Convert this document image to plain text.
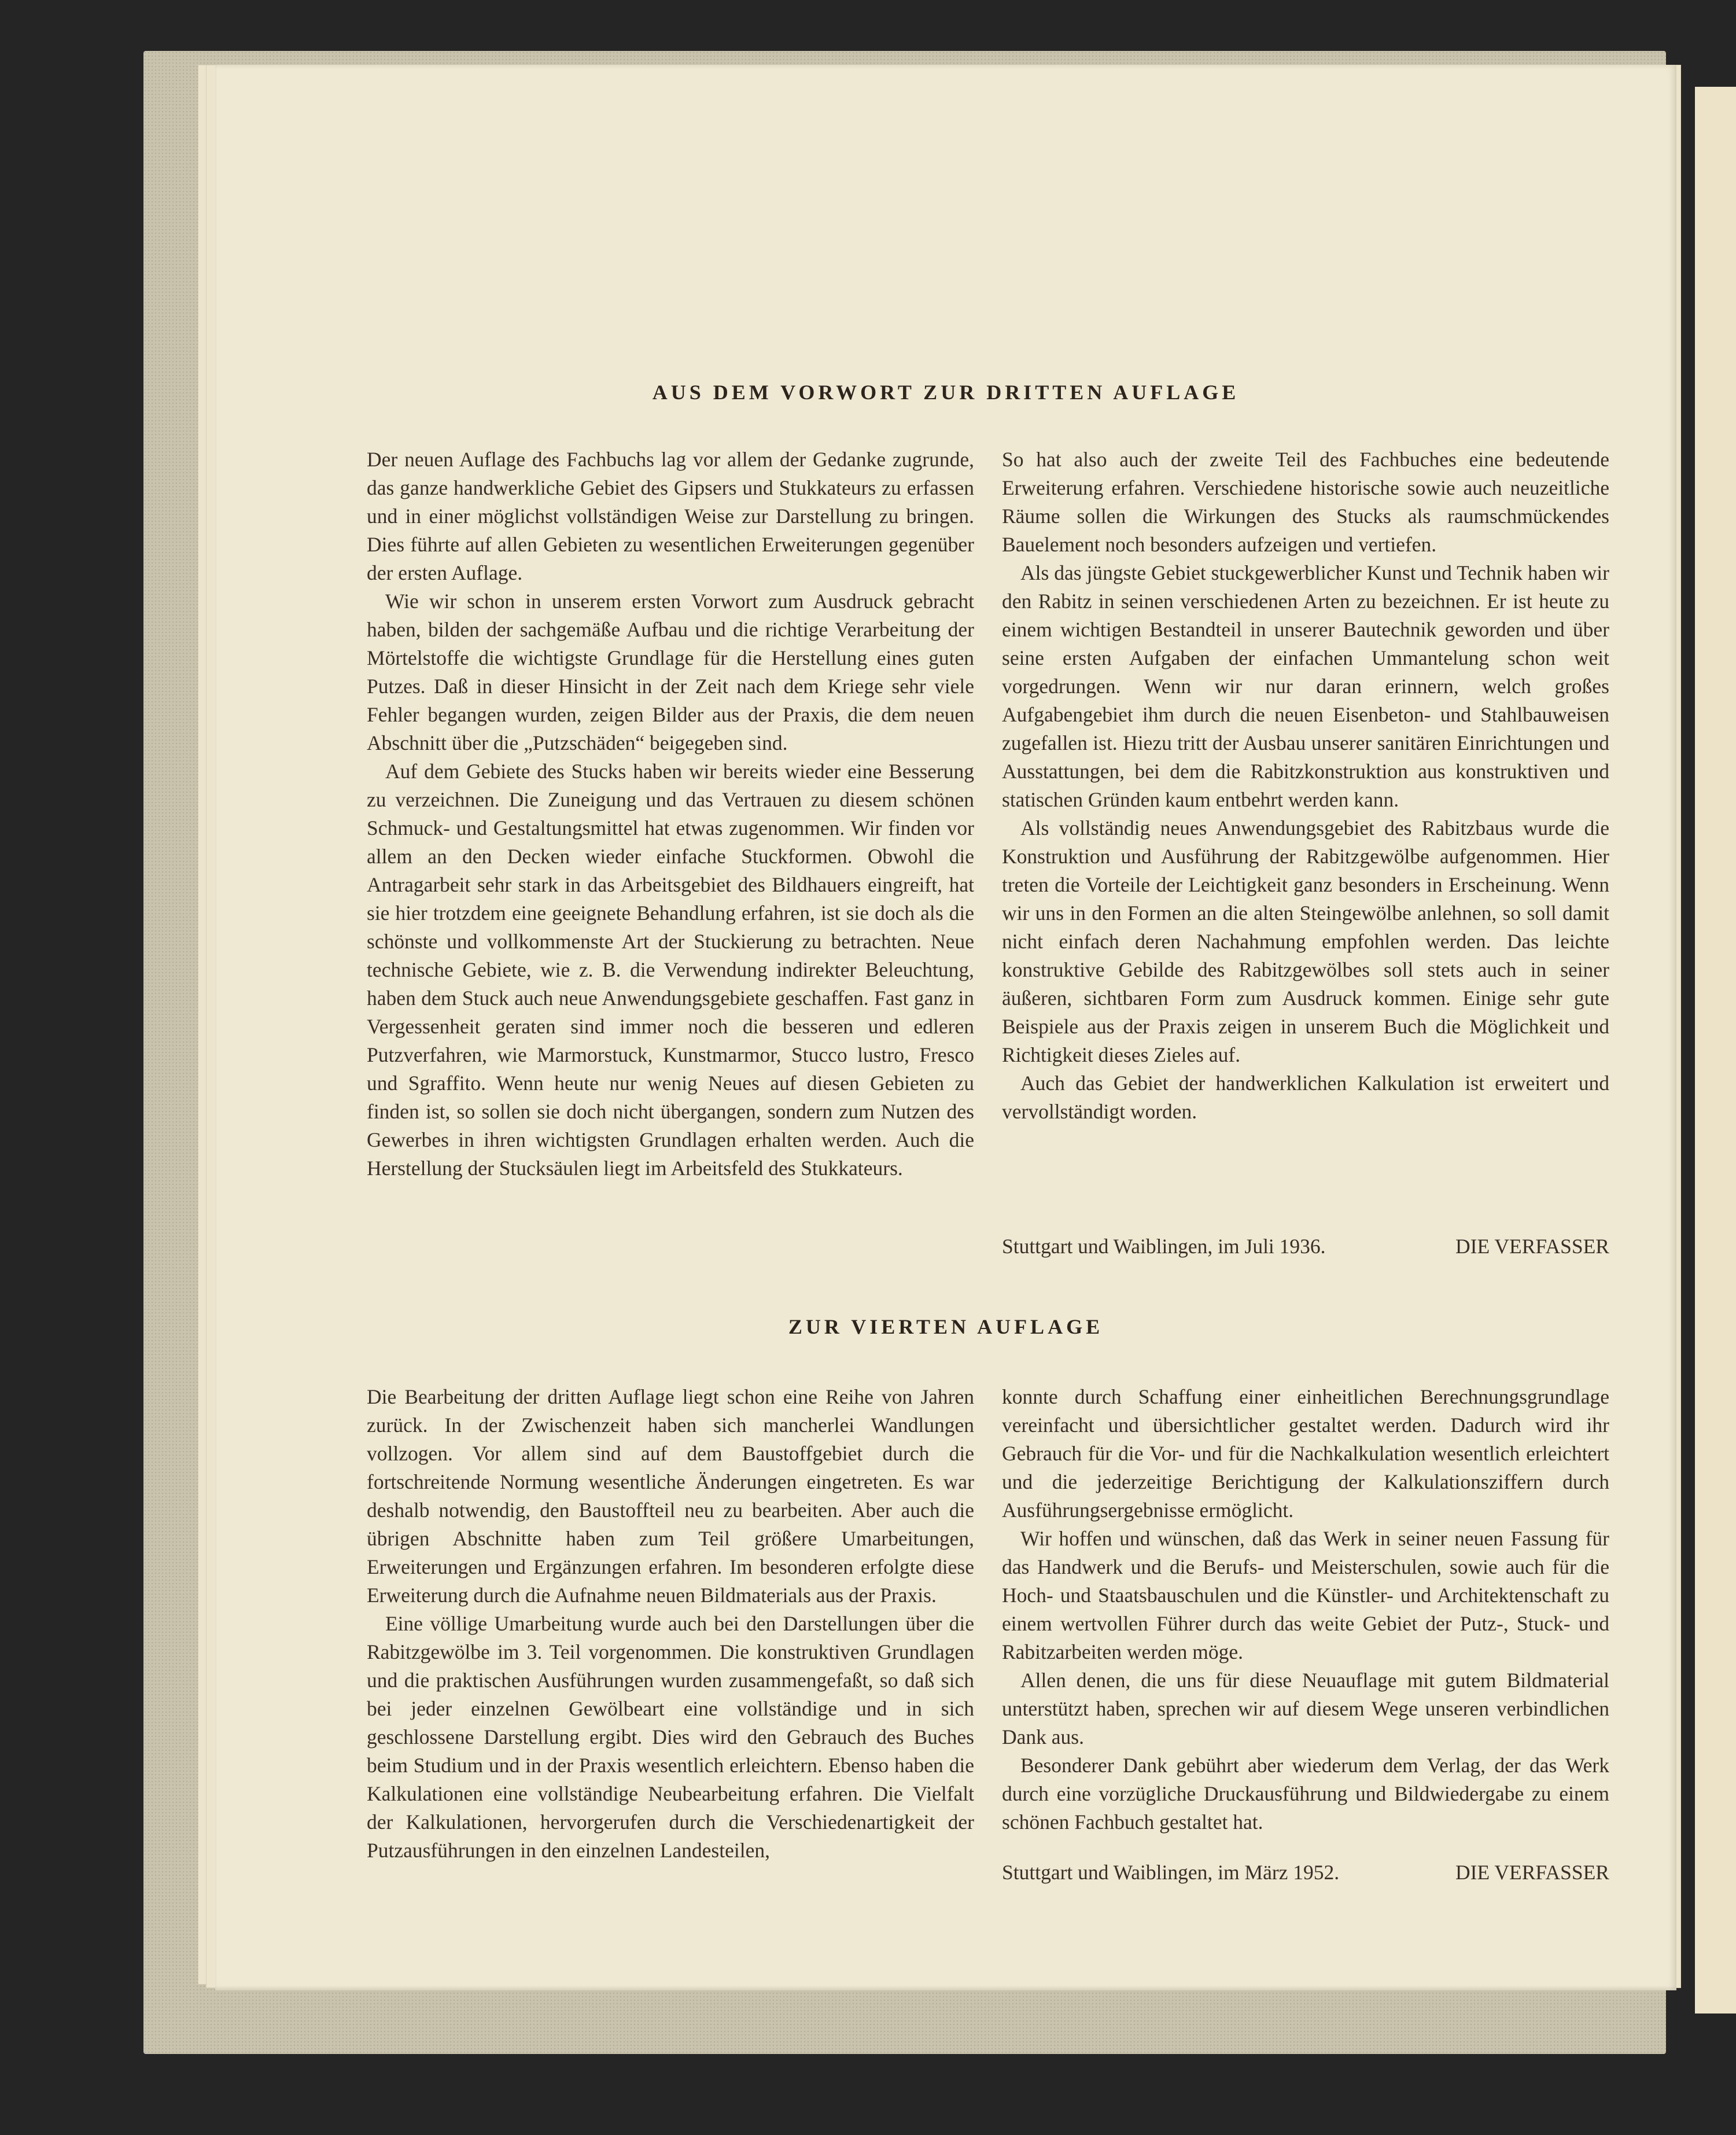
AUS DEM VORWORT ZUR DRITTEN AUFLAGE

Der neuen Auflage des Fachbuchs lag vor allem der Gedanke zugrunde, das ganze handwerkliche Gebiet des Gipsers und Stukkateurs zu erfassen und in einer möglichst vollständigen Weise zur Darstellung zu bringen. Dies führte auf allen Gebieten zu wesentlichen Erweiterungen gegenüber der ersten Auflage.

Wie wir schon in unserem ersten Vorwort zum Ausdruck gebracht haben, bilden der sachgemäße Aufbau und die richtige Verarbeitung der Mörtelstoffe die wichtigste Grundlage für die Herstellung eines guten Putzes. Daß in dieser Hinsicht in der Zeit nach dem Kriege sehr viele Fehler begangen wurden, zeigen Bilder aus der Praxis, die dem neuen Abschnitt über die „Putzschäden“ beigegeben sind.

Auf dem Gebiete des Stucks haben wir bereits wieder eine Besserung zu verzeichnen. Die Zuneigung und das Vertrauen zu diesem schönen Schmuck- und Gestaltungsmittel hat etwas zugenommen. Wir finden vor allem an den Decken wieder einfache Stuckformen. Obwohl die Antragarbeit sehr stark in das Arbeitsgebiet des Bildhauers eingreift, hat sie hier trotzdem eine geeignete Behandlung erfahren, ist sie doch als die schönste und vollkommenste Art der Stuckierung zu betrachten. Neue technische Gebiete, wie z. B. die Verwendung indirekter Beleuchtung, haben dem Stuck auch neue Anwendungsgebiete geschaffen. Fast ganz in Vergessenheit geraten sind immer noch die besseren und edleren Putzverfahren, wie Marmorstuck, Kunstmarmor, Stucco lustro, Fresco und Sgraffito. Wenn heute nur wenig Neues auf diesen Gebieten zu finden ist, so sollen sie doch nicht übergangen, sondern zum Nutzen des Gewerbes in ihren wichtigsten Grundlagen erhalten werden. Auch die Herstellung der Stucksäulen liegt im Arbeitsfeld des Stukkateurs.

So hat also auch der zweite Teil des Fachbuches eine bedeutende Erweiterung erfahren. Verschiedene historische sowie auch neuzeitliche Räume sollen die Wirkungen des Stucks als raumschmückendes Bauelement noch besonders aufzeigen und vertiefen.

Als das jüngste Gebiet stuckgewerblicher Kunst und Technik haben wir den Rabitz in seinen verschiedenen Arten zu bezeichnen. Er ist heute zu einem wichtigen Bestandteil in unserer Bautechnik geworden und über seine ersten Aufgaben der einfachen Ummantelung schon weit vorgedrungen. Wenn wir nur daran erinnern, welch großes Aufgabengebiet ihm durch die neuen Eisenbeton- und Stahlbauweisen zugefallen ist. Hiezu tritt der Ausbau unserer sanitären Einrichtungen und Ausstattungen, bei dem die Rabitzkonstruktion aus konstruktiven und statischen Gründen kaum entbehrt werden kann.

Als vollständig neues Anwendungsgebiet des Rabitzbaus wurde die Konstruktion und Ausführung der Rabitzgewölbe aufgenommen. Hier treten die Vorteile der Leichtigkeit ganz besonders in Erscheinung. Wenn wir uns in den Formen an die alten Steingewölbe anlehnen, so soll damit nicht einfach deren Nachahmung empfohlen werden. Das leichte konstruktive Gebilde des Rabitzgewölbes soll stets auch in seiner äußeren, sichtbaren Form zum Ausdruck kommen. Einige sehr gute Beispiele aus der Praxis zeigen in unserem Buch die Möglichkeit und Richtigkeit dieses Zieles auf.

Auch das Gebiet der handwerklichen Kalkulation ist erweitert und vervollständigt worden.

Stuttgart und Waiblingen, im Juli 1936.	DIE VERFASSER
ZUR VIERTEN AUFLAGE

Die Bearbeitung der dritten Auflage liegt schon eine Reihe von Jahren zurück. In der Zwischenzeit haben sich mancherlei Wandlungen vollzogen. Vor allem sind auf dem Baustoffgebiet durch die fortschreitende Normung wesentliche Änderungen eingetreten. Es war deshalb notwendig, den Baustoffteil neu zu bearbeiten. Aber auch die übrigen Abschnitte haben zum Teil größere Umarbeitungen, Erweiterungen und Ergänzungen erfahren. Im besonderen erfolgte diese Erweiterung durch die Aufnahme neuen Bildmaterials aus der Praxis.

Eine völlige Umarbeitung wurde auch bei den Darstellungen über die Rabitzgewölbe im 3. Teil vorgenommen. Die konstruktiven Grundlagen und die praktischen Ausführungen wurden zusammengefaßt, so daß sich bei jeder einzelnen Gewölbeart eine vollständige und in sich geschlossene Darstellung ergibt. Dies wird den Gebrauch des Buches beim Studium und in der Praxis wesentlich erleichtern. Ebenso haben die Kalkulationen eine vollständige Neubearbeitung erfahren. Die Vielfalt der Kalkulationen, hervorgerufen durch die Verschiedenartigkeit der Putzausführungen in den einzelnen Landesteilen,

konnte durch Schaffung einer einheitlichen Berechnungsgrundlage vereinfacht und übersichtlicher gestaltet werden. Dadurch wird ihr Gebrauch für die Vor- und für die Nachkalkulation wesentlich erleichtert und die jederzeitige Berichtigung der Kalkulationsziffern durch Ausführungsergebnisse ermöglicht.

Wir hoffen und wünschen, daß das Werk in seiner neuen Fassung für das Handwerk und die Berufs- und Meisterschulen, sowie auch für die Hoch- und Staatsbauschulen und die Künstler- und Architektenschaft zu einem wertvollen Führer durch das weite Gebiet der Putz-, Stuck- und Rabitzarbeiten werden möge.

Allen denen, die uns für diese Neuauflage mit gutem Bildmaterial unterstützt haben, sprechen wir auf diesem Wege unseren verbindlichen Dank aus.

Besonderer Dank gebührt aber wiederum dem Verlag, der das Werk durch eine vorzügliche Druckausführung und Bildwiedergabe zu einem schönen Fachbuch gestaltet hat.

Stuttgart und Waiblingen, im März 1952.	DIE VERFASSER
